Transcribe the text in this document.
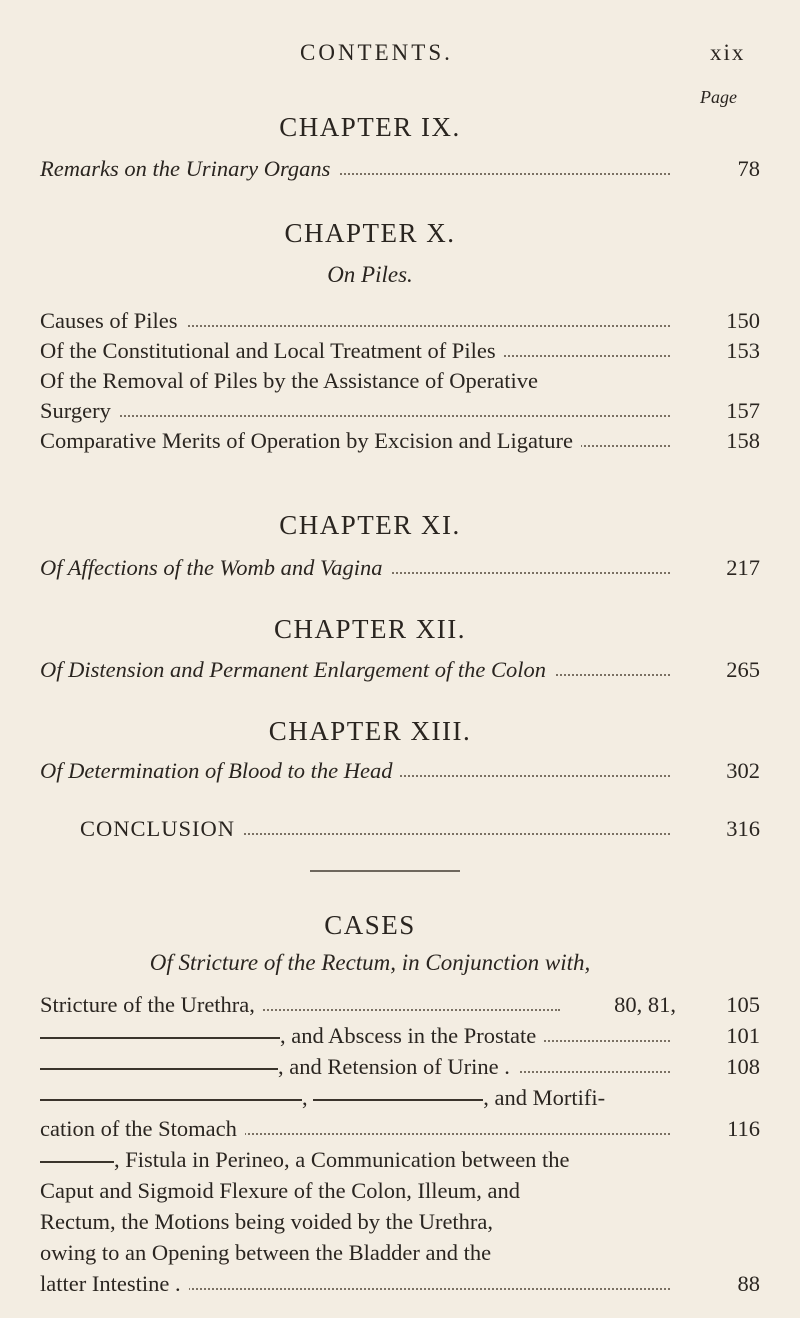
CONTENTS.	xix
CHAPTER IX.
Page
Remarks on the Urinary Organs	78
CHAPTER X.
On Piles.
Causes of Piles	150
Of the Constitutional and Local Treatment of Piles	153
Of the Removal of Piles by the Assistance of Operative
Surgery	157
Comparative Merits of Operation by Excision and Ligature	158
CHAPTER XI.
Of Affections of the Womb and Vagina	217
CHAPTER XII.
Of Distension and Permanent Enlargement of the Colon	265
CHAPTER XIII.
Of Determination of Blood to the Head	302
CONCLUSION	316
CASES
Of Stricture of the Rectum, in Conjunction with,
Stricture of the Urethra,	80, 81,	105
, and Abscess in the Prostate	101
, and Retension of Urine .	108
,	, and Mortifi-
cation of the Stomach	116
, Fistula in Perineo, a Communication between the
Caput and Sigmoid Flexure of the Colon, Illeum, and
Rectum, the Motions being voided by the Urethra,
owing to an Opening between the Bladder and the
latter Intestine .	88
